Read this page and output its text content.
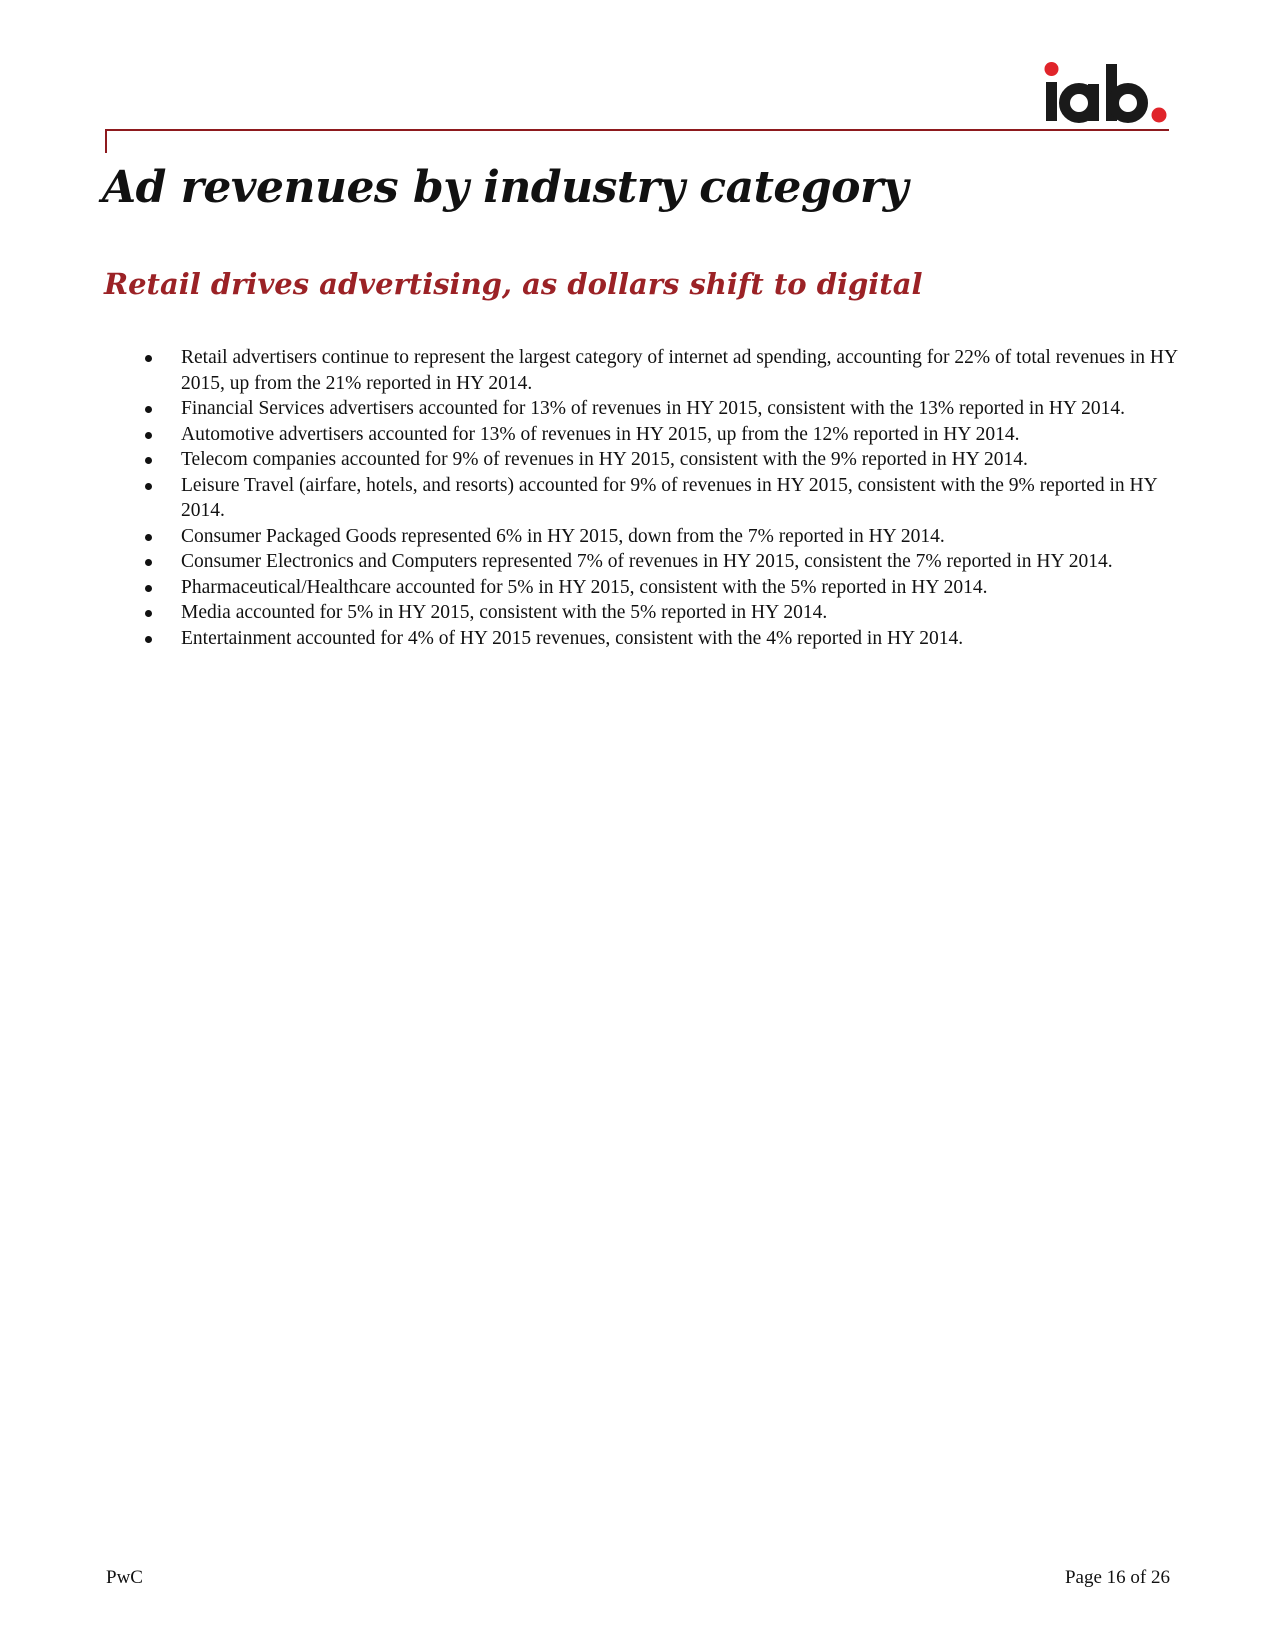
Ad revenues by industry category
Retail drives advertising, as dollars shift to digital
Retail advertisers continue to represent the largest category of internet ad spending, accounting for 22% of total revenues in HY 2015, up from the 21% reported in HY 2014.
Financial Services advertisers accounted for 13% of revenues in HY 2015, consistent with the 13% reported in HY 2014.
Automotive advertisers accounted for 13% of revenues in HY 2015, up from the 12% reported in HY 2014.
Telecom companies accounted for 9% of revenues in HY 2015, consistent with the 9% reported in HY 2014.
Leisure Travel (airfare, hotels, and resorts) accounted for 9% of revenues in HY 2015, consistent with the 9% reported in HY 2014.
Consumer Packaged Goods represented 6% in HY 2015, down from the 7% reported in HY 2014.
Consumer Electronics and Computers represented 7% of revenues in HY 2015, consistent the 7% reported in HY 2014.
Pharmaceutical/Healthcare accounted for 5% in HY 2015, consistent with the 5% reported in HY 2014.
Media accounted for 5% in HY 2015, consistent with the 5% reported in HY 2014.
Entertainment accounted for 4% of HY 2015 revenues, consistent with the 4% reported in HY 2014.
PwC	Page 16 of 26
